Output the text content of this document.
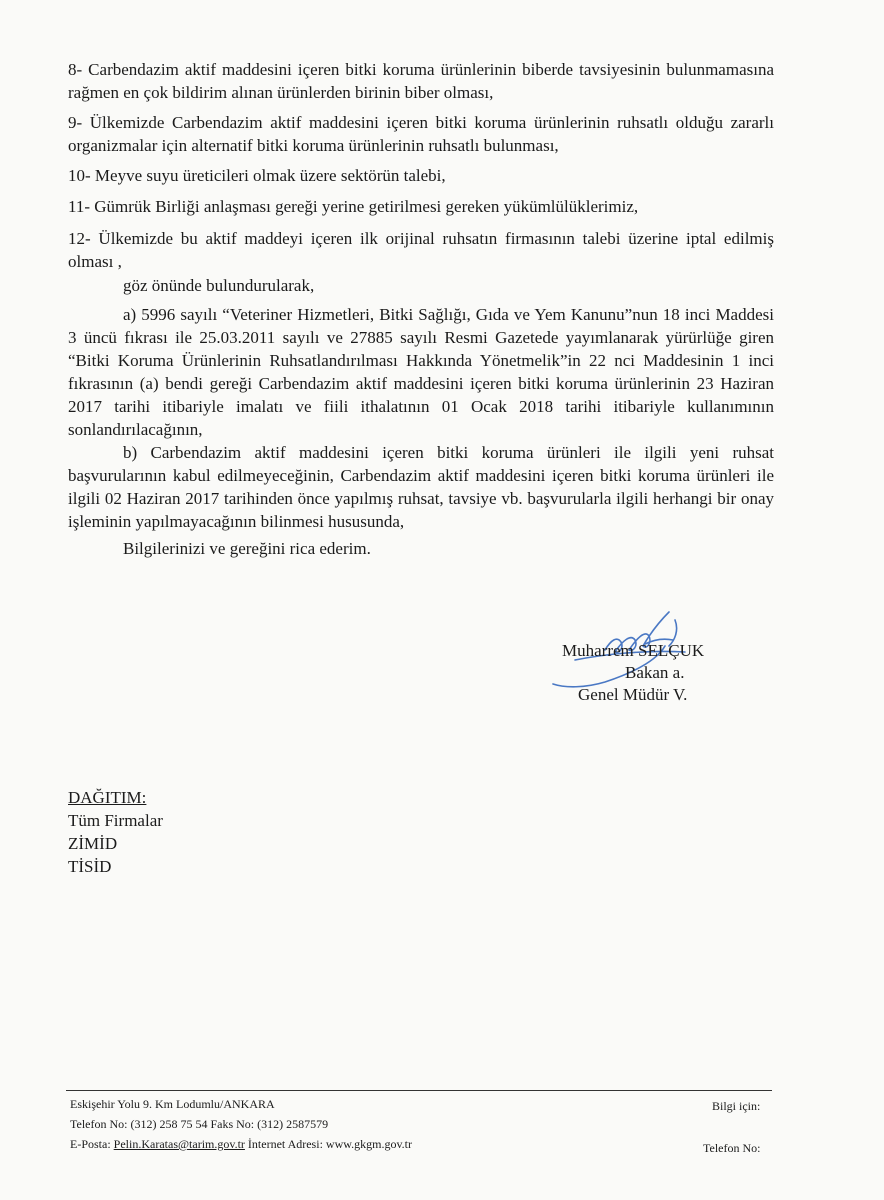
8- Carbendazim aktif maddesini içeren bitki koruma ürünlerinin biberde tavsiyesinin bulunmamasına rağmen en çok bildirim alınan ürünlerden birinin biber olması,

9- Ülkemizde Carbendazim aktif maddesini içeren bitki koruma ürünlerinin ruhsatlı olduğu zararlı organizmalar için alternatif bitki koruma ürünlerinin ruhsatlı bulunması,

10- Meyve suyu üreticileri olmak üzere sektörün talebi,

11- Gümrük Birliği anlaşması gereği yerine getirilmesi gereken yükümlülüklerimiz,

12- Ülkemizde bu aktif maddeyi içeren ilk orijinal ruhsatın firmasının talebi üzerine iptal edilmiş olması ,

göz önünde bulundurularak,

a) 5996 sayılı “Veteriner Hizmetleri, Bitki Sağlığı, Gıda ve Yem Kanunu”nun 18 inci Maddesi 3 üncü fıkrası ile 25.03.2011 sayılı ve 27885 sayılı Resmi Gazetede yayımlanarak yürürlüğe giren “Bitki Koruma Ürünlerinin Ruhsatlandırılması Hakkında Yönetmelik”in 22 nci Maddesinin 1 inci fıkrasının (a) bendi gereği Carbendazim aktif maddesini içeren bitki koruma ürünlerinin 23 Haziran 2017 tarihi itibariyle imalatı ve fiili ithalatının 01 Ocak 2018 tarihi itibariyle kullanımının sonlandırılacağının,

b) Carbendazim aktif maddesini içeren bitki koruma ürünleri ile ilgili yeni ruhsat başvurularının kabul edilmeyeceğinin, Carbendazim aktif maddesini içeren bitki koruma ürünleri ile ilgili 02 Haziran 2017 tarihinden önce yapılmış ruhsat, tavsiye vb. başvurularla ilgili herhangi bir onay işleminin yapılmayacağının bilinmesi hususunda,

Bilgilerinizi ve gereğini rica ederim.

Muharrem SELÇUK
Bakan a.
Genel Müdür V.
DAĞITIM:
Tüm Firmalar
ZİMİD
TİSİD
Eskişehir Yolu 9. Km Lodumlu/ANKARA
Telefon No: (312) 258 75 54 Faks No: (312) 2587579
E-Posta: Pelin.Karatas@tarim.gov.tr İnternet Adresi: www.gkgm.gov.tr
Bilgi için:
Telefon No:
